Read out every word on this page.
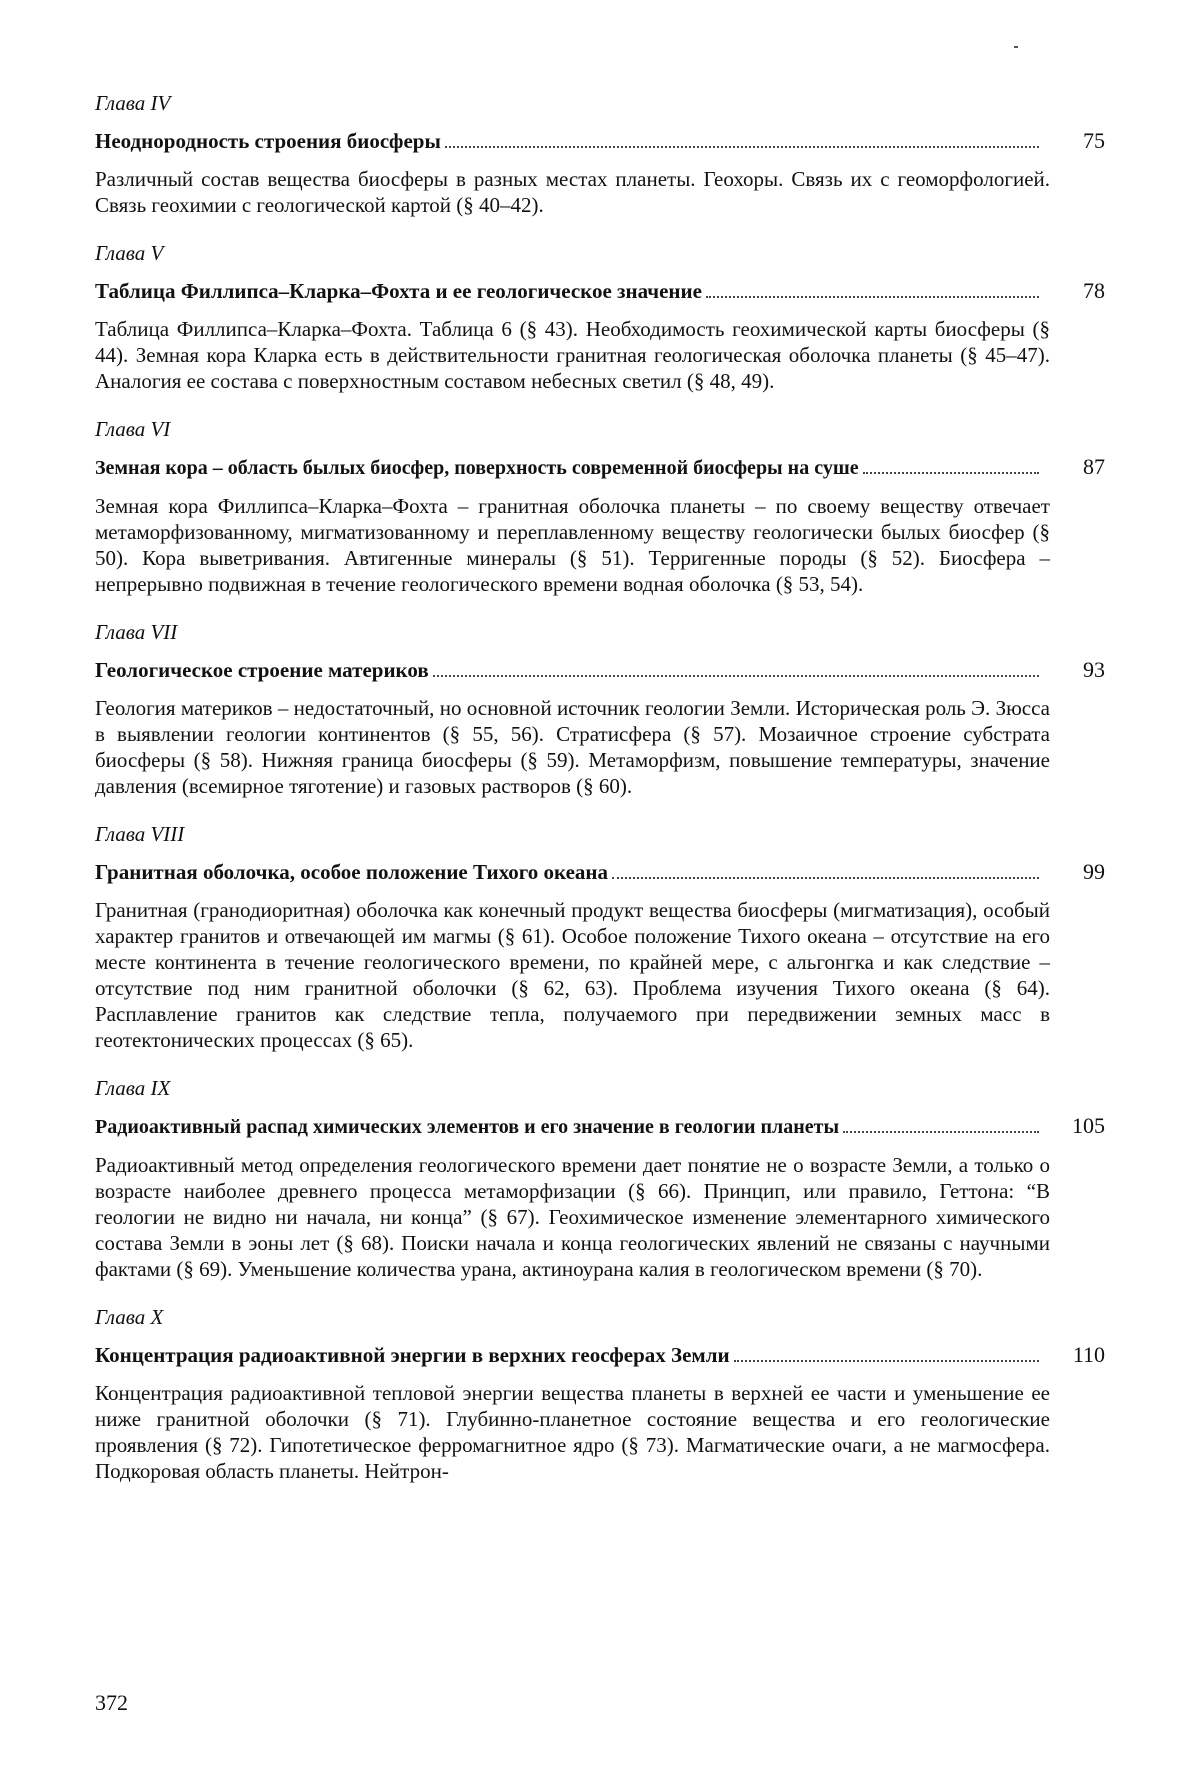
Глава IV
Неоднородность строения биосферы	75
Различный состав вещества биосферы в разных местах планеты. Геохоры. Связь их с геоморфологией. Связь геохимии с геологической картой (§ 40–42).
Глава V
Таблица Филлипса–Кларка–Фохта и ее геологическое значение	78
Таблица Филлипса–Кларка–Фохта. Таблица 6 (§ 43). Необходимость геохимической карты биосферы (§ 44). Земная кора Кларка есть в действительности гранитная геологическая оболочка планеты (§ 45–47). Аналогия ее состава с поверхностным составом небесных светил (§ 48, 49).
Глава VI
Земная кора – область былых биосфер, поверхность современной биосферы на суше	87
Земная кора Филлипса–Кларка–Фохта – гранитная оболочка планеты – по своему веществу отвечает метаморфизованному, мигматизованному и переплавленному веществу геологически былых биосфер (§ 50). Кора выветривания. Автигенные минералы (§ 51). Терригенные породы (§ 52). Биосфера – непрерывно подвижная в течение геологического времени водная оболочка (§ 53, 54).
Глава VII
Геологическое строение материков	93
Геология материков – недостаточный, но основной источник геологии Земли. Историческая роль Э. Зюсса в выявлении геологии континентов (§ 55, 56). Стратисфера (§ 57). Мозаичное строение субстрата биосферы (§ 58). Нижняя граница биосферы (§ 59). Метаморфизм, повышение температуры, значение давления (всемирное тяготение) и газовых растворов (§ 60).
Глава VIII
Гранитная оболочка, особое положение Тихого океана	99
Гранитная (гранодиоритная) оболочка как конечный продукт вещества биосферы (мигматизация), особый характер гранитов и отвечающей им магмы (§ 61). Особое положение Тихого океана – отсутствие на его месте континента в течение геологического времени, по крайней мере, с альгонгка и как следствие – отсутствие под ним гранитной оболочки (§ 62, 63). Проблема изучения Тихого океана (§ 64). Расплавление гранитов как следствие тепла, получаемого при передвижении земных масс в геотектонических процессах (§ 65).
Глава IX
Радиоактивный распад химических элементов и его значение в геологии планеты	105
Радиоактивный метод определения геологического времени дает понятие не о возрасте Земли, а только о возрасте наиболее древнего процесса метаморфизации (§ 66). Принцип, или правило, Геттона: “В геологии не видно ни начала, ни конца” (§ 67). Геохимическое изменение элементарного химического состава Земли в эоны лет (§ 68). Поиски начала и конца геологических явлений не связаны с научными фактами (§ 69). Уменьшение количества урана, актиноурана калия в геологическом времени (§ 70).
Глава X
Концентрация радиоактивной энергии в верхних геосферах Земли	110
Концентрация радиоактивной тепловой энергии вещества планеты в верхней ее части и уменьшение ее ниже гранитной оболочки (§ 71). Глубинно-планетное состояние вещества и его геологические проявления (§ 72). Гипотетическое ферромагнитное ядро (§ 73). Магматические очаги, а не магмосфера. Подкоровая область планеты. Нейтрон-
372
